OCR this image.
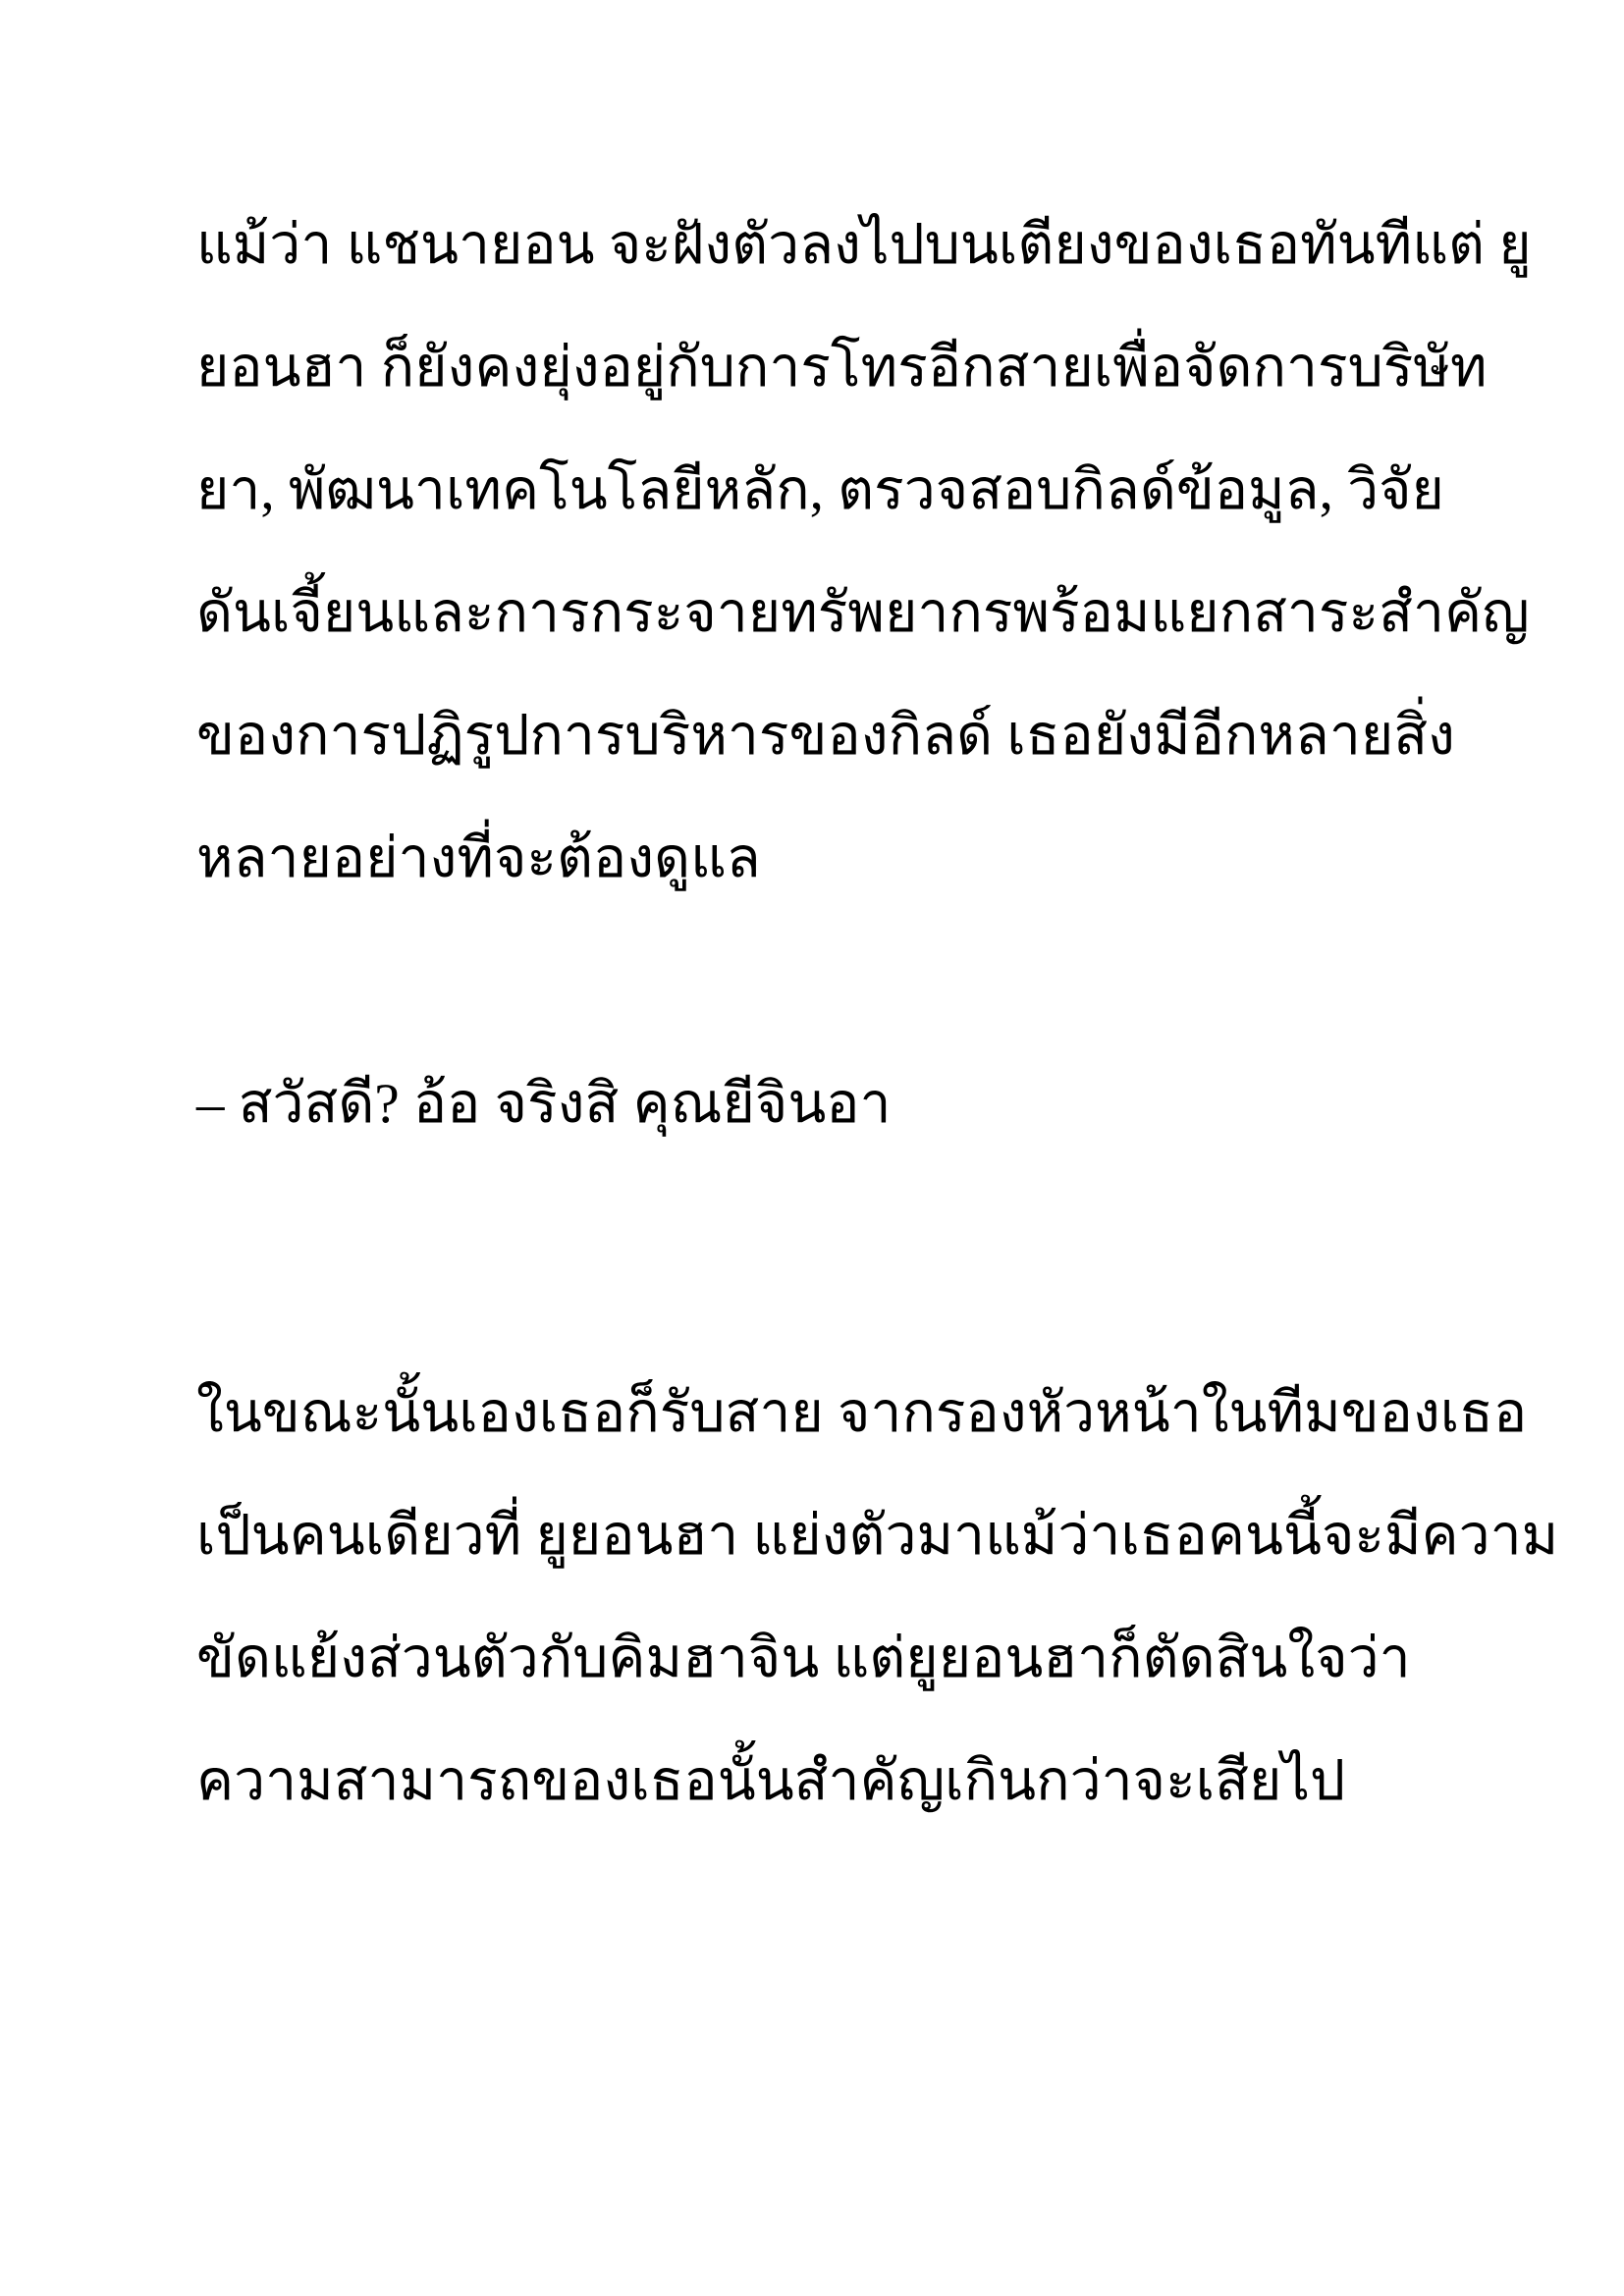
แม้ว่า แชนายอน จะฝังตัวลงไปบนเตียงของเธอทันทีแต่ ยู

ยอนฮา ก็ยังคงยุ่งอยู่กับการโทรอีกสายเพื่อจัดการบริษัท

ยา, พัฒนาเทคโนโลยีหลัก, ตรวจสอบกิลด์ข้อมูล, วิจัย

ดันเจี้ยนและการกระจายทรัพยากรพร้อมแยกสาระสำคัญ

ของการปฏิรูปการบริหารของกิลด์ เธอยังมีอีกหลายสิ่ง

หลายอย่างที่จะต้องดูแล

– สวัสดี? อ้อ จริงสิ คุณยีจินอา

ในขณะนั้นเองเธอก็รับสาย จากรองหัวหน้าในทีมของเธอ

เป็นคนเดียวที่ ยูยอนฮา แย่งตัวมาแม้ว่าเธอคนนี้จะมีความ

ขัดแย้งส่วนตัวกับคิมฮาจิน แต่ยูยอนฮาก็ตัดสินใจว่า

ความสามารถของเธอนั้นสำคัญเกินกว่าจะเสียไป
